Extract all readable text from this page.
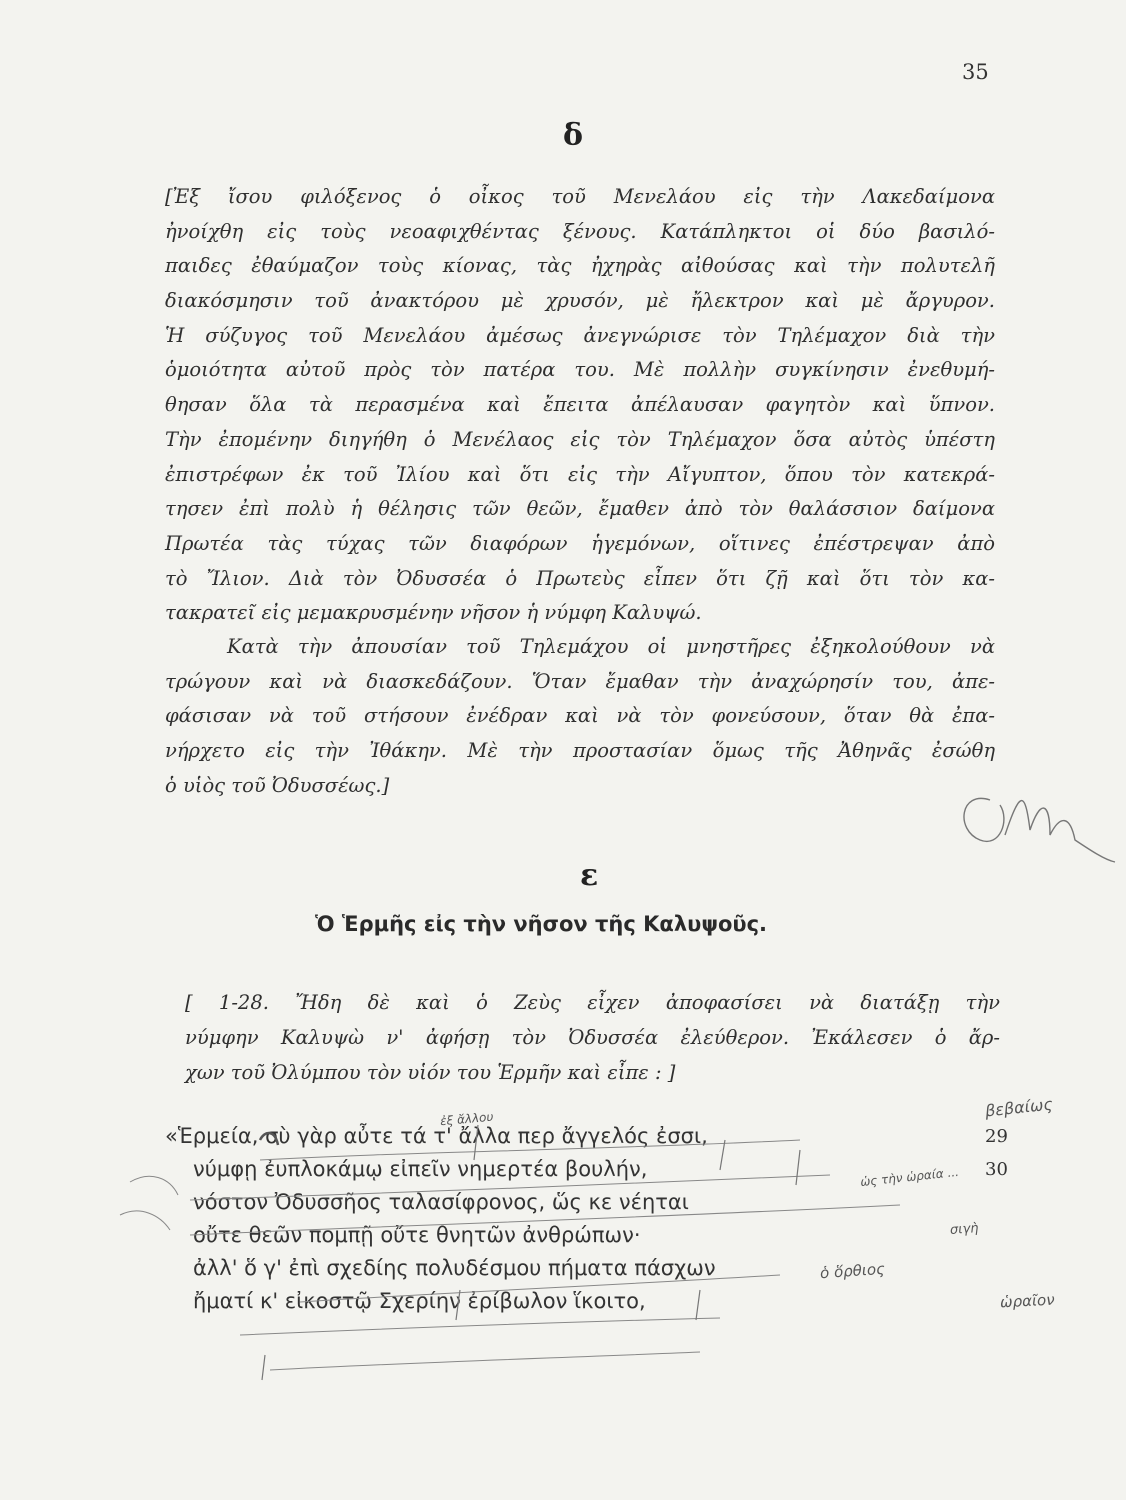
35
δ
[Ἐξ ἴσου φιλόξενος ὁ οἶκος τοῦ Μενελάου εἰς τὴν Λακεδαίμονα
ἠνοίχθη εἰς τοὺς νεοαφιχθέντας ξένους. Κατάπληκτοι οἱ δύο βασιλό-
παιδες ἐθαύμαζον τοὺς κίονας, τὰς ἠχηρὰς αἰθούσας καὶ τὴν πολυτελῆ
διακόσμησιν τοῦ ἀνακτόρου μὲ χρυσόν, μὲ ἤλεκτρον καὶ μὲ ἄργυρον.
Ἡ σύζυγος τοῦ Μενελάου ἀμέσως ἀνεγνώρισε τὸν Τηλέμαχον διὰ τὴν
ὁμοιότητα αὐτοῦ πρὸς τὸν πατέρα του. Μὲ πολλὴν συγκίνησιν ἐνεθυμή-
θησαν ὅλα τὰ περασμένα καὶ ἔπειτα ἀπέλαυσαν φαγητὸν καὶ ὕπνον.
Τὴν ἐπομένην διηγήθη ὁ Μενέλαος εἰς τὸν Τηλέμαχον ὅσα αὐτὸς ὑπέστη
ἐπιστρέφων ἐκ τοῦ Ἰλίου καὶ ὅτι εἰς τὴν Αἴγυπτον, ὅπου τὸν κατεκρά-
τησεν ἐπὶ πολὺ ἡ θέλησις τῶν θεῶν, ἔμαθεν ἀπὸ τὸν θαλάσσιον δαίμονα
Πρωτέα τὰς τύχας τῶν διαφόρων ἡγεμόνων, οἵτινες ἐπέστρεψαν ἀπὸ
τὸ Ἴλιον. Διὰ τὸν Ὀδυσσέα ὁ Πρωτεὺς εἶπεν ὅτι ζῇ καὶ ὅτι τὸν κα-
τακρατεῖ εἰς μεμακρυσμένην νῆσον ἡ νύμφη Καλυψώ.
Κατὰ τὴν ἀπουσίαν τοῦ Τηλεμάχου οἱ μνηστῆρες ἐξηκολούθουν νὰ
τρώγουν καὶ νὰ διασκεδάζουν. Ὅταν ἔμαθαν τὴν ἀναχώρησίν του, ἀπε-
φάσισαν νὰ τοῦ στήσουν ἐνέδραν καὶ νὰ τὸν φονεύσουν, ὅταν θὰ ἐπα-
νήρχετο εἰς τὴν Ἰθάκην. Μὲ τὴν προστασίαν ὅμως τῆς Ἀθηνᾶς ἐσώθη
ὁ υἱὸς τοῦ Ὀδυσσέως.]
ε
Ὁ Ἑρμῆς εἰς τὴν νῆσον τῆς Καλυψοῦς.
[ 1-28. Ἤδη δὲ καὶ ὁ Ζεὺς εἶχεν ἀποφασίσει νὰ διατάξῃ τὴν
νύμφην Καλυψὼ ν' ἀφήσῃ τὸν Ὀδυσσέα ἐλεύθερον. Ἐκάλεσεν ὁ ἄρ-
χων τοῦ Ὀλύμπου τὸν υἱόν του Ἑρμῆν καὶ εἶπε : ]
«Ἑρμεία, σὺ γὰρ αὖτε τά τ' ἄλλα περ ἄγγελός ἐσσι,	29
νύμφῃ ἐυπλοκάμῳ εἰπεῖν νημερτέα βουλήν,	30
νόστον Ὀδυσσῆος ταλασίφρονος, ὥς κε νέηται
οὔτε θεῶν πομπῇ οὔτε θνητῶν ἀνθρώπων·
ἀλλ' ὅ γ' ἐπὶ σχεδίης πολυδέσμου πήματα πάσχων
ἤματί κ' εἰκοστῷ Σχερίην ἐρίβωλον ἵκοιτο,
βεβαίως
ἐξ ἄλλου
ὡς τὴν ὡραία ...
ὁ ὅρθιος
ὡραῖον
σιγὴ
